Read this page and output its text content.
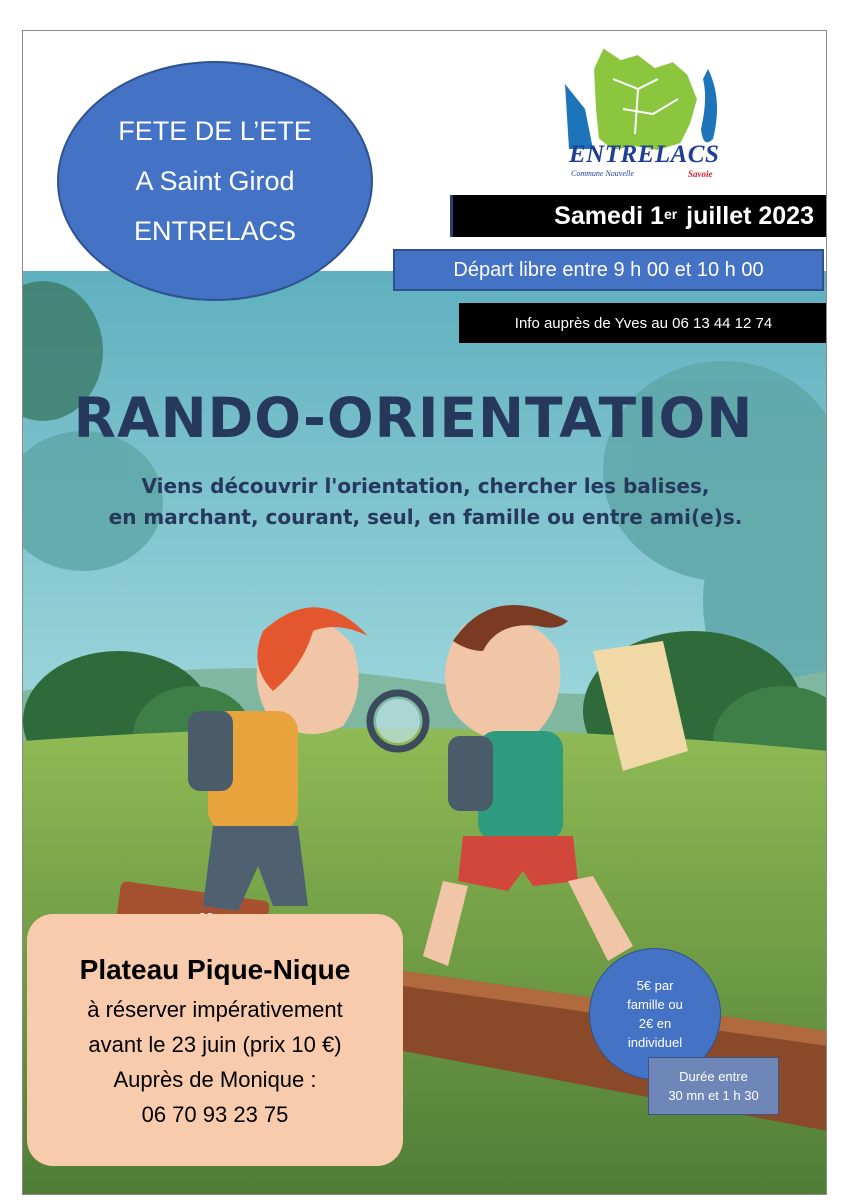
FETE DE L’ETE
A Saint Girod
ENTRELACS
ENTRELACS
Commune Nouvelle	Savoie
Samedi 1er
juillet 2023
Départ libre entre 9 h 00 et 10 h 00
Info auprès de Yves au 06 13 44 12 74
RANDO-ORIENTATION
Viens découvrir l'orientation, chercher les balises,
en marchant, courant, seul, en famille ou entre ami(e)s.
Plateau Pique-Nique
à réserver impérativement
avant le 23 juin (prix 10 €)
Auprès de Monique :
06 70 93 23 75
5€ par
famille ou
2€ en
individuel
Durée entre
30 mn et 1 h 30
